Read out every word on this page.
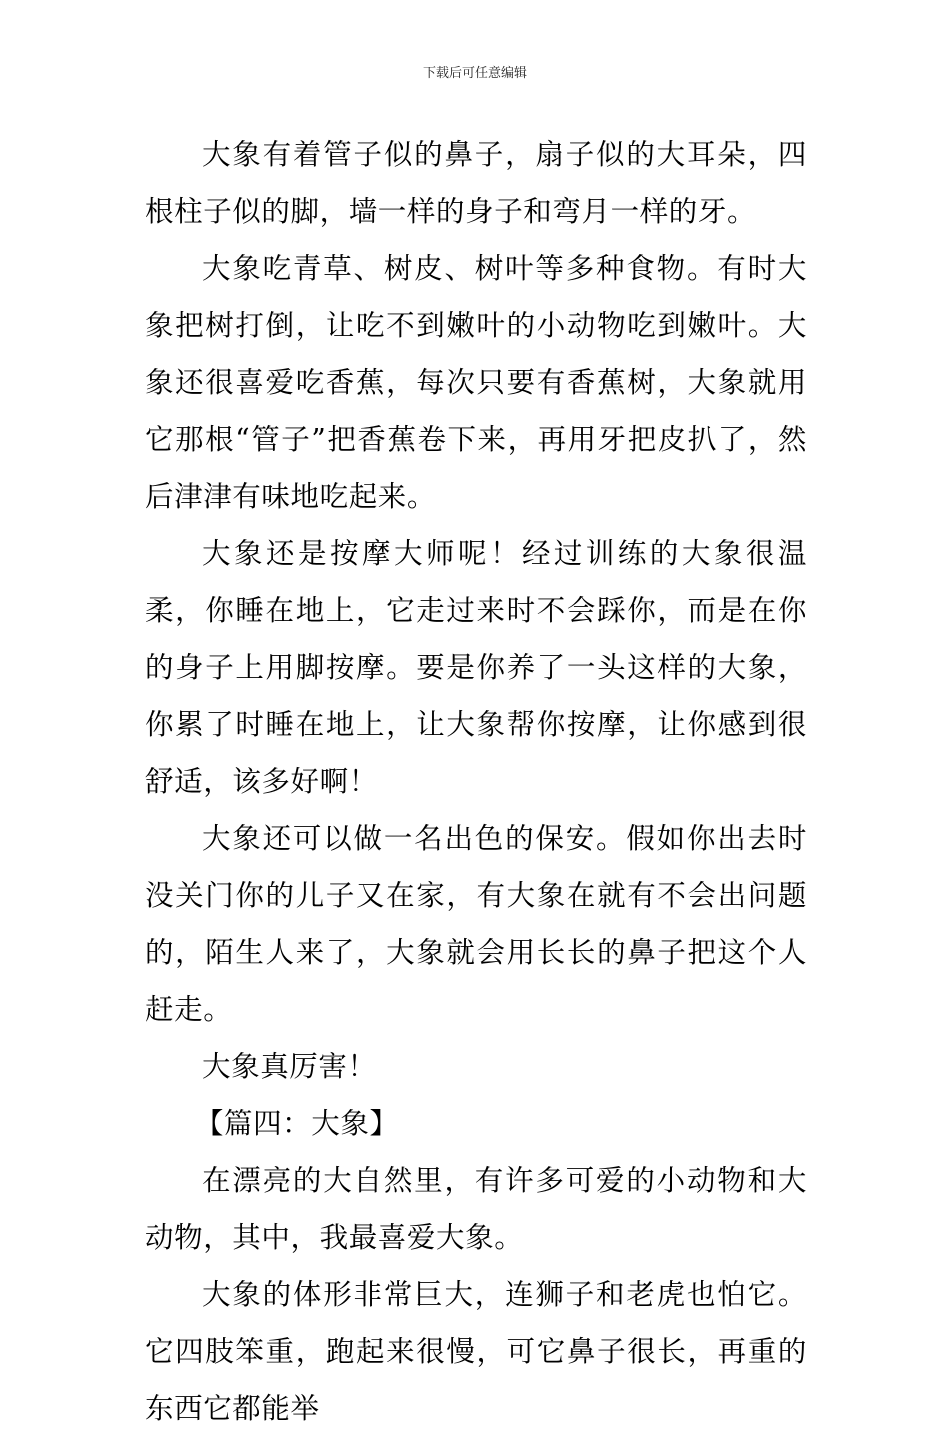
下载后可任意编辑

大象有着管子似的鼻子，扇子似的大耳朵，四根柱子似的脚，墙一样的身子和弯月一样的牙。

大象吃青草、树皮、树叶等多种食物。有时大象把树打倒，让吃不到嫩叶的小动物吃到嫩叶。大象还很喜爱吃香蕉，每次只要有香蕉树，大象就用它那根“管子”把香蕉卷下来，再用牙把皮扒了，然后津津有味地吃起来。

大象还是按摩大师呢！经过训练的大象很温柔，你睡在地上，它走过来时不会踩你，而是在你的身子上用脚按摩。要是你养了一头这样的大象，你累了时睡在地上，让大象帮你按摩，让你感到很舒适，该多好啊！

大象还可以做一名出色的保安。假如你出去时没关门你的儿子又在家，有大象在就有不会出问题的，陌生人来了，大象就会用长长的鼻子把这个人赶走。

大象真厉害！

【篇四：大象】

在漂亮的大自然里，有许多可爱的小动物和大动物，其中，我最喜爱大象。

大象的体形非常巨大，连狮子和老虎也怕它。它四肢笨重，跑起来很慢，可它鼻子很长，再重的东西它都能举
